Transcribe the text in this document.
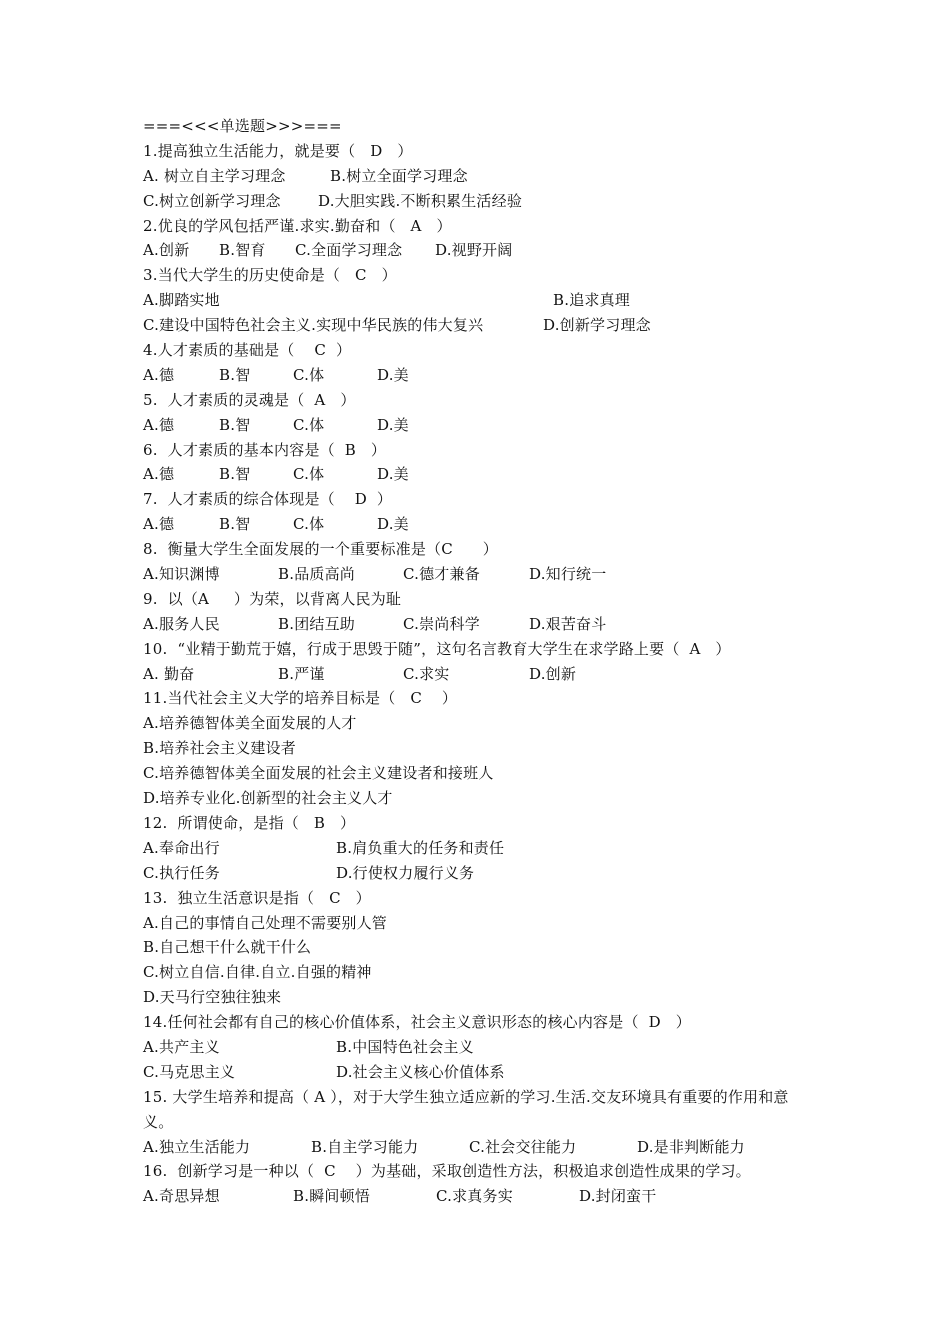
===<<<单选题>>>===
1.提高独立生活能力，就是要（   D   ）

A. 树立自主学习理念

	B.树立全面学习理念

C.树立创新学习理念

D.大胆实践.不断积累生活经验

2.优良的学风包括严谨.求实.勤奋和（   A   ）

A.创新

B.智育

C.全面学习理念

D.视野开阔

3.当代大学生的历史使命是（   C   ）

A.脚踏实地

	B.追求真理

C.建设中国特色社会主义.实现中华民族的伟大复兴

	D.创新学习理念

4.人才素质的基础是（    C  ）

A.德

	B.智

	C.体

	D.美

5.  人才素质的灵魂是（  A   ）

A.德

	B.智

	C.体

	D.美

6.  人才素质的基本内容是（  B   ）

A.德

	B.智

	C.体

	D.美

7.  人才素质的综合体现是（    D  ）

A.德

	B.智

	C.体

	D.美

8.  衡量大学生全面发展的一个重要标准是（C      ）

A.知识渊博

	B.品质高尚

	C.德才兼备

	D.知行统一

9.  以（A     ）为荣，以背离人民为耻

A.服务人民

	B.团结互助

	C.崇尚科学

	D.艰苦奋斗

10.  “业精于勤荒于嬉，行成于思毁于随”，这句名言教育大学生在求学路上要（  A   ）

A. 勤奋

	B.严谨

	C.求实

	D.创新

11.当代社会主义大学的培养目标是（   C    ）
A.培养德智体美全面发展的人才
B.培养社会主义建设者
C.培养德智体美全面发展的社会主义建设者和接班人
D.培养专业化.创新型的社会主义人才
12.  所谓使命，是指（   B   ）

A.奉命出行

	B.肩负重大的任务和责任

C.执行任务

	D.行使权力履行义务

13.  独立生活意识是指（   C   ）
A.自己的事情自己处理不需要别人管
B.自己想干什么就干什么
C.树立自信.自律.自立.自强的精神
D.天马行空独往独来
14.任何社会都有自己的核心价值体系，社会主义意识形态的核心内容是（  D   ）

A.共产主义

	B.中国特色社会主义

C.马克思主义

	D.社会主义核心价值体系

15. 大学生培养和提高（ A ），对于大学生独立适应新的学习.生活.交友环境具有重要的作用和意义。

A.独立生活能力

	B.自主学习能力

	C.社会交往能力

	D.是非判断能力

16.  创新学习是一种以（  C    ）为基础，采取创造性方法，积极追求创造性成果的学习。

A.奇思异想

	B.瞬间顿悟

	C.求真务实

	D.封闭蛮干
